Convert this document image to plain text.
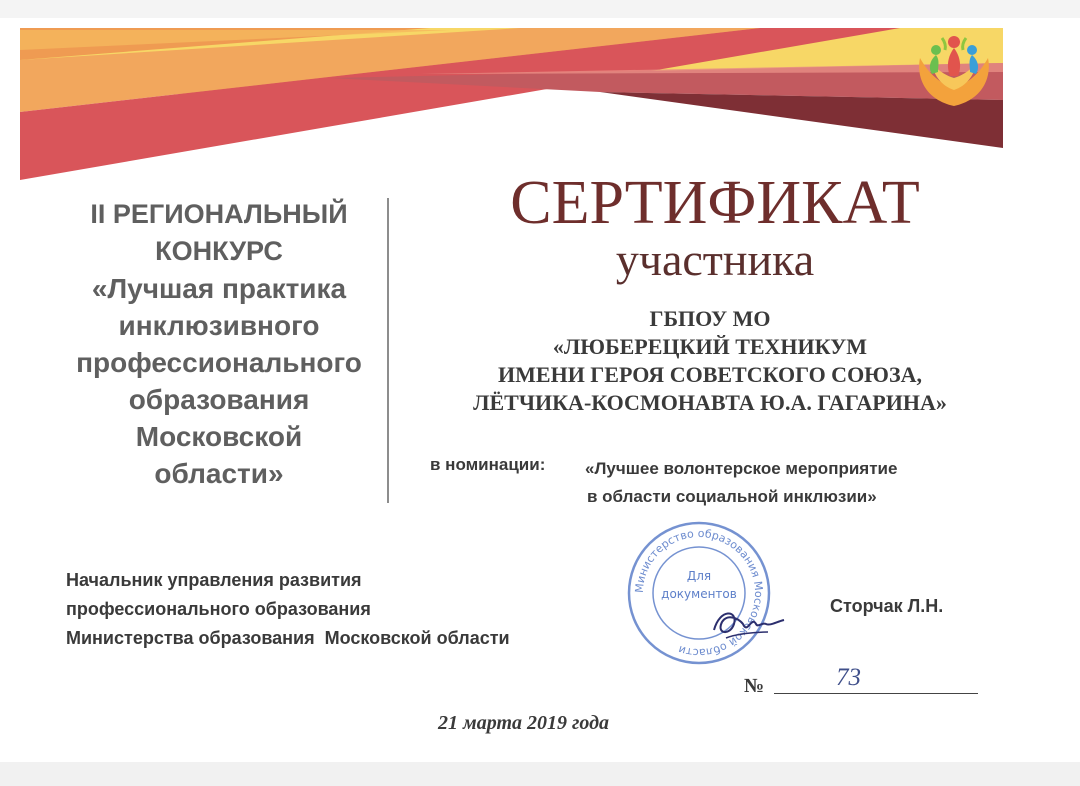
II РЕГИОНАЛЬНЫЙ
КОНКУРС
«Лучшая практика
инклюзивного
профессионального
образования
Московской
области»
СЕРТИФИКАТ
участника
ГБПОУ МО
«ЛЮБЕРЕЦКИЙ ТЕХНИКУМ
ИМЕНИ ГЕРОЯ СОВЕТСКОГО СОЮЗА,
ЛЁТЧИКА-КОСМОНАВТА Ю.А. ГАГАРИНА»
в номинации: «Лучшее волонтерское мероприятие
в области социальной инклюзии»
Начальник управления развития
профессионального образования
Министерства образования  Московской области
Министерство образования Московской области
Для
документов
Сторчак Л.Н.
№	73
21 марта 2019 года
